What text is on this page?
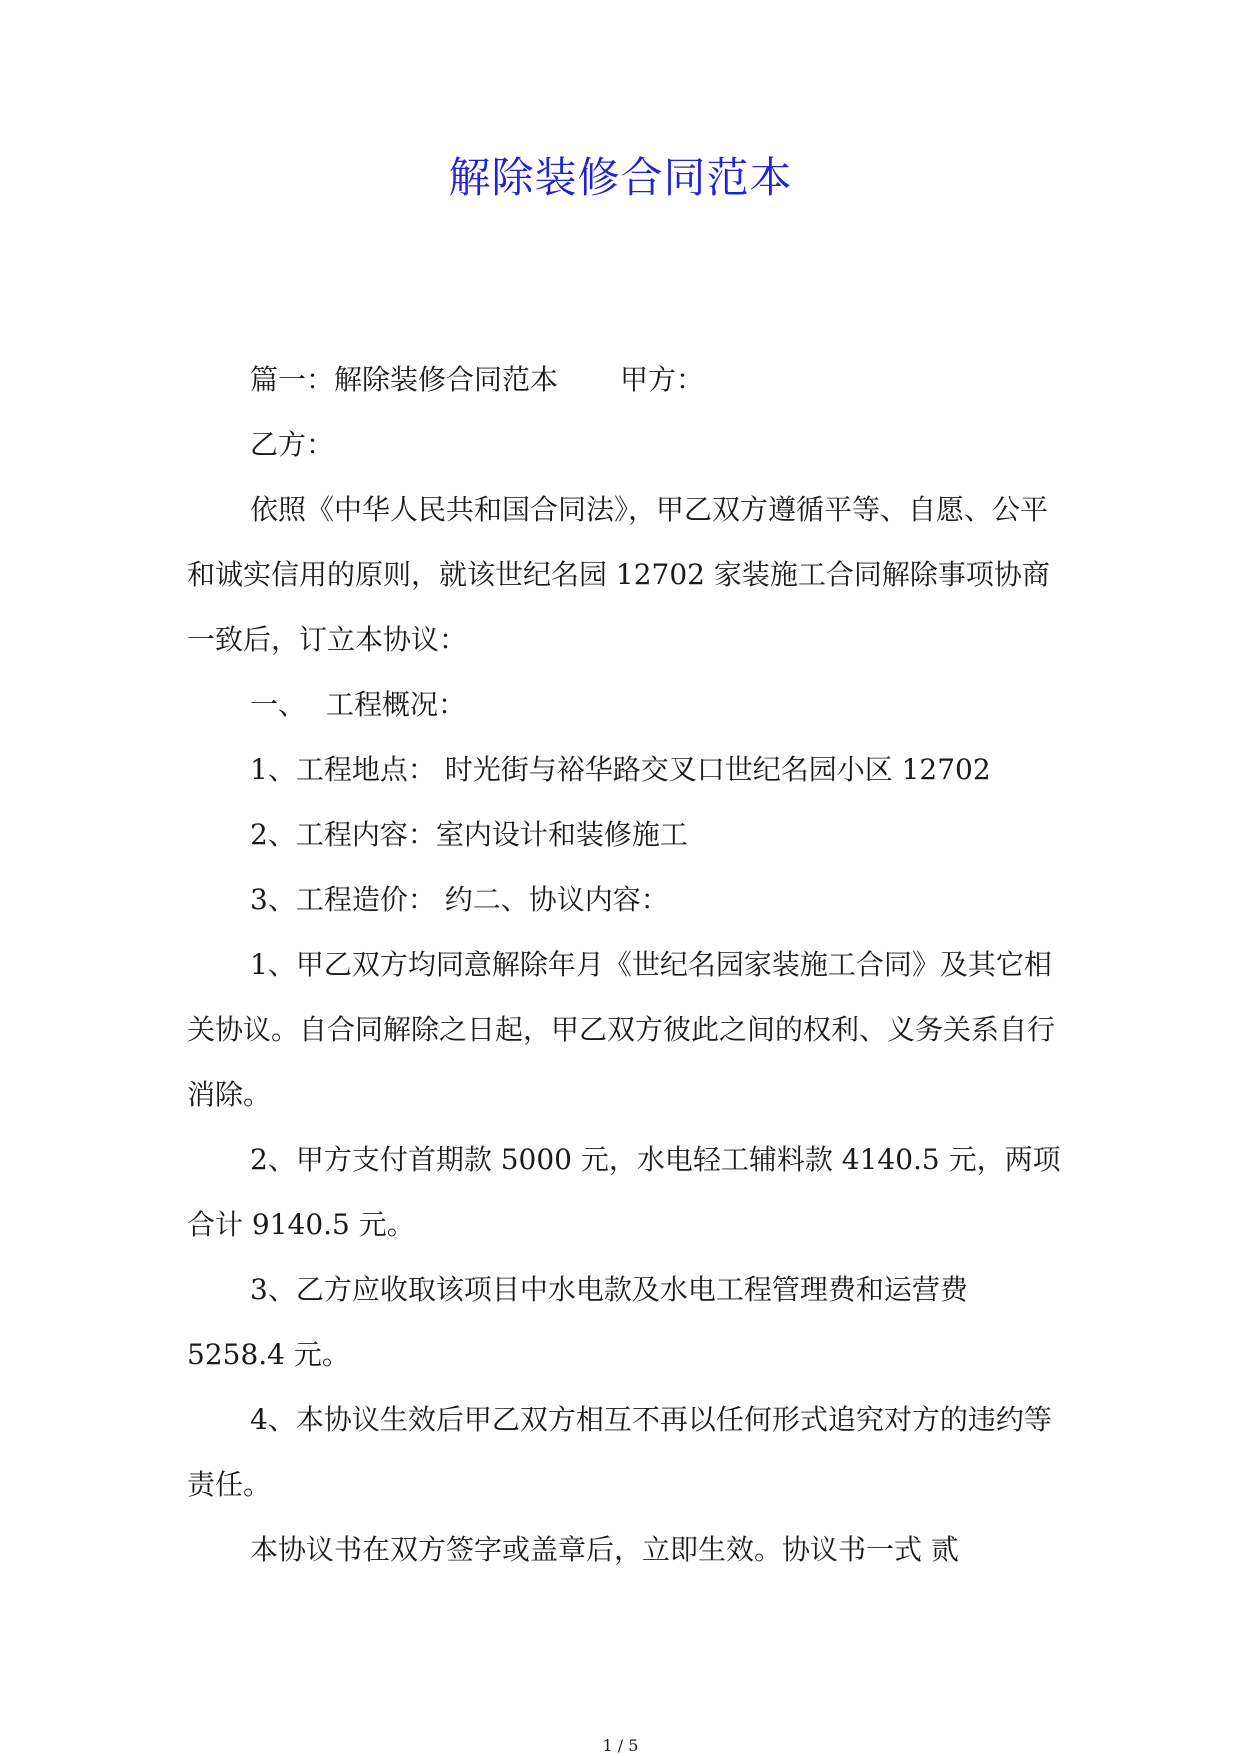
解除装修合同范本

篇一：解除装修合同范本 甲方：

乙方：

依照《中华人民共和国合同法》，甲乙双方遵循平等、自愿、公平和诚实信用的原则，就该世纪名园 12702 家装施工合同解除事项协商一致后，订立本协议：

一、 工程概况：

1、工程地点： 时光街与裕华路交叉口世纪名园小区 12702

2、工程内容：室内设计和装修施工

3、工程造价： 约二、协议内容：

1、甲乙双方均同意解除年月《世纪名园家装施工合同》及其它相关协议。自合同解除之日起，甲乙双方彼此之间的权利、义务关系自行消除。

2、甲方支付首期款 5000 元，水电轻工辅料款 4140.5 元，两项合计 9140.5 元。

3、乙方应收取该项目中水电款及水电工程管理费和运营费 5258.4 元。

4、本协议生效后甲乙双方相互不再以任何形式追究对方的违约等责任。

本协议书在双方签字或盖章后，立即生效。协议书一式 贰

1 / 5
